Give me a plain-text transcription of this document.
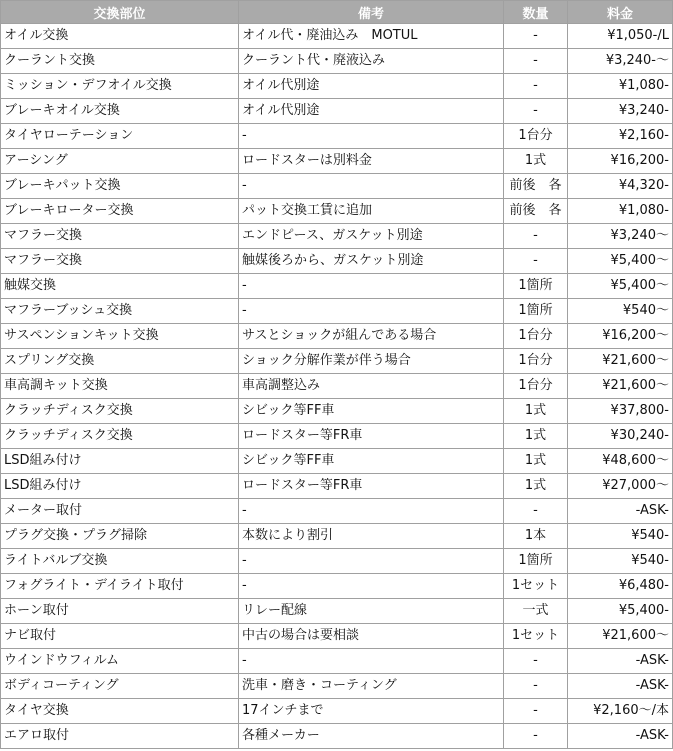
交換部位	備考	数量	料金
オイル交換	オイル代・廃油込み　MOTUL	-	¥1,050-/L
クーラント交換	クーラント代・廃液込み	-	¥3,240-～
ミッション・デフオイル交換	オイル代別途	-	¥1,080-
ブレーキオイル交換	オイル代別途	-	¥3,240-
タイヤローテーション	-	1台分	¥2,160-
アーシング	ロードスターは別料金	1式	¥16,200-
ブレーキパット交換	-	前後　各	¥4,320-
ブレーキローター交換	パット交換工賃に追加	前後　各	¥1,080-
マフラー交換	エンドピース、ガスケット別途	-	¥3,240～
マフラー交換	触媒後ろから、ガスケット別途	-	¥5,400～
触媒交換	-	1箇所	¥5,400～
マフラーブッシュ交換	-	1箇所	¥540～
サスペンションキット交換	サスとショックが組んである場合	1台分	¥16,200～
スプリング交換	ショック分解作業が伴う場合	1台分	¥21,600～
車高調キット交換	車高調整込み	1台分	¥21,600～
クラッチディスク交換	シビック等FF車	1式	¥37,800-
クラッチディスク交換	ロードスター等FR車	1式	¥30,240-
LSD組み付け	シビック等FF車	1式	¥48,600～
LSD組み付け	ロードスター等FR車	1式	¥27,000～
メーター取付	-	-	-ASK-
プラグ交換・プラグ掃除	本数により割引	1本	¥540-
ライトバルブ交換	-	1箇所	¥540-
フォグライト・デイライト取付	-	1セット	¥6,480-
ホーン取付	リレー配線	一式	¥5,400-
ナビ取付	中古の場合は要相談	1セット	¥21,600～
ウインドウフィルム	-	-	-ASK-
ボディコーティング	洗車・磨き・コーティング	-	-ASK-
タイヤ交換	17インチまで	-	¥2,160～/本
エアロ取付	各種メーカー	-	-ASK-
